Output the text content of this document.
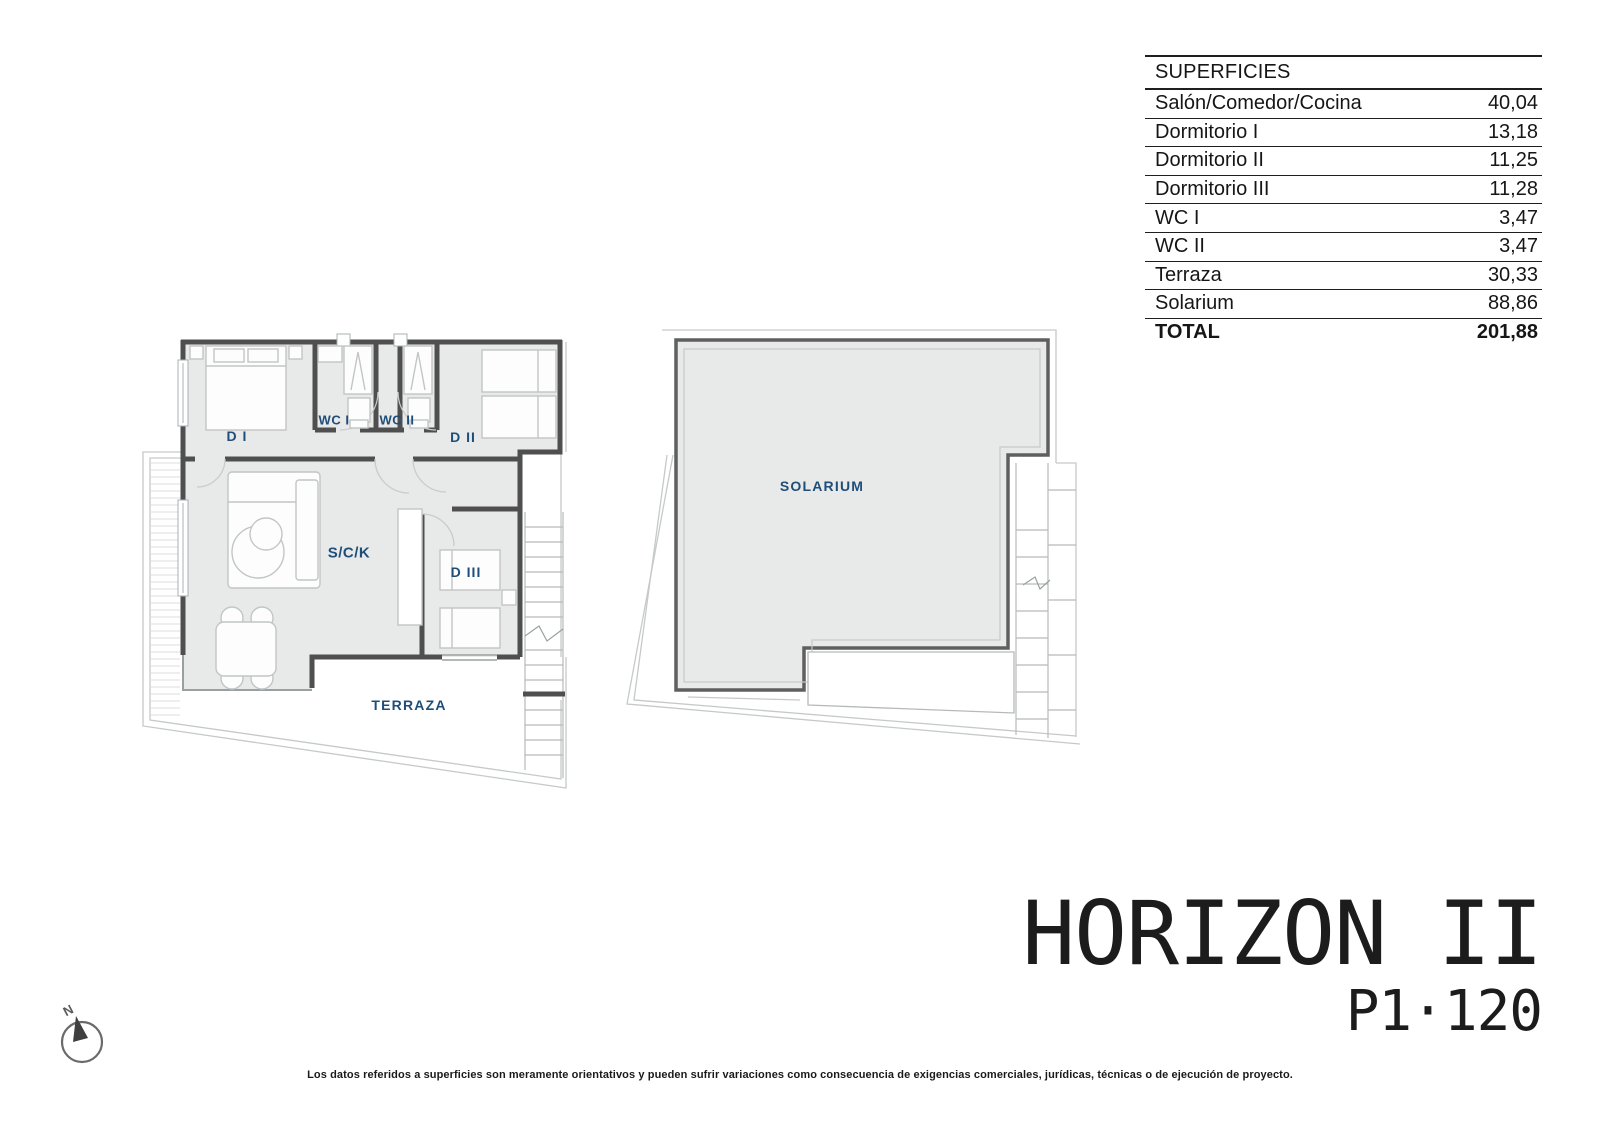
D I
WC I WC II
D II
S/C/K
D III
TERRAZA
SOLARIUM
SUPERFICIES
Salón/Comedor/Cocina	40,04
Dormitorio I	13,18
Dormitorio II	11,25
Dormitorio III	11,28
WC I	3,47
WC II	3,47
Terraza	30,33
Solarium	88,86
TOTAL	201,88
HORIZON II
P1·120
N
Los datos referidos a superficies son meramente orientativos y pueden sufrir variaciones como consecuencia de exigencias comerciales, jurídicas, técnicas o de ejecución de proyecto.
